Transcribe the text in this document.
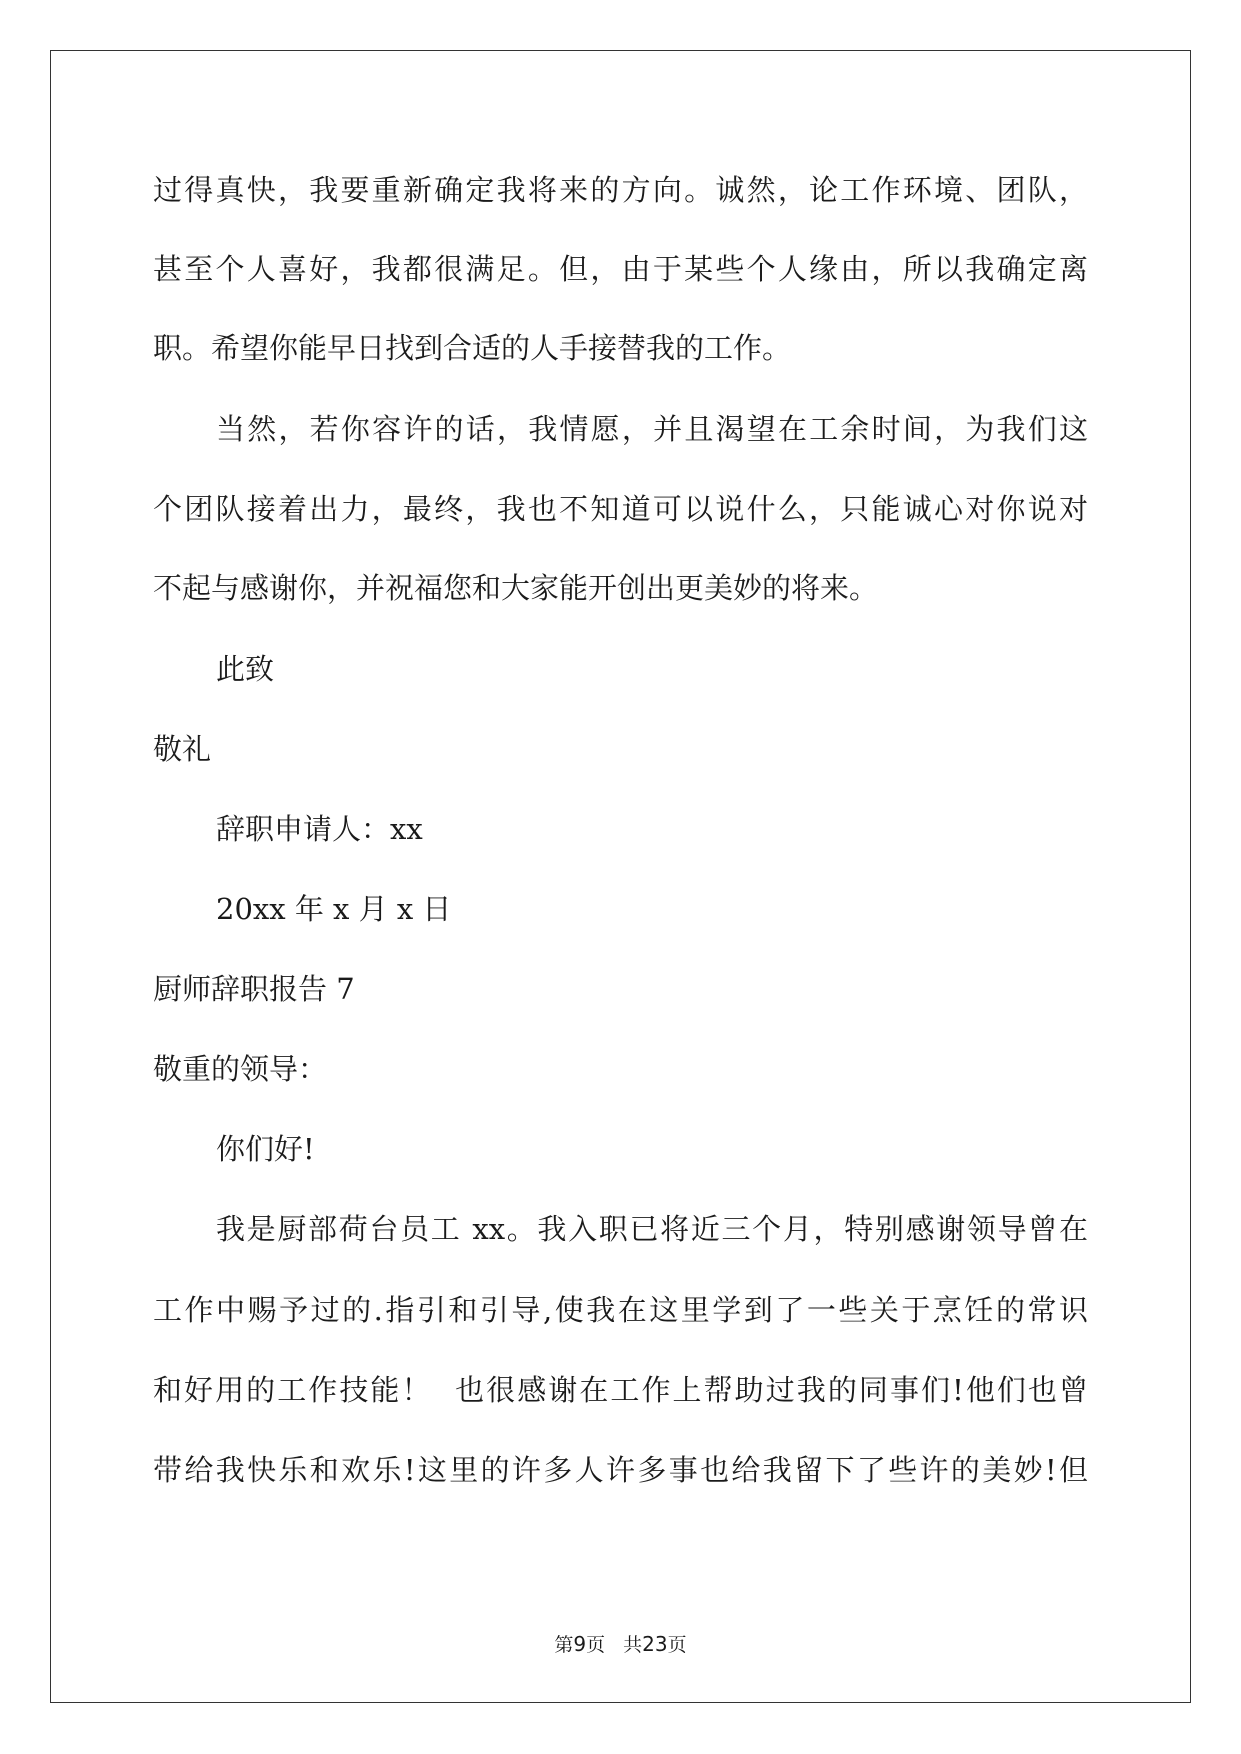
过得真快，我要重新确定我将来的方向。诚然，论工作环境、团队，
甚至个人喜好，我都很满足。但，由于某些个人缘由，所以我确定离
职。希望你能早日找到合适的人手接替我的工作。
当然，若你容许的话，我情愿，并且渴望在工余时间，为我们这
个团队接着出力，最终，我也不知道可以说什么，只能诚心对你说对
不起与感谢你，并祝福您和大家能开创出更美妙的将来。
此致
敬礼
辞职申请人：xx
20xx 年 x 月 x 日
厨师辞职报告 7
敬重的领导：
你们好!
我是厨部荷台员工 xx。我入职已将近三个月，特别感谢领导曾在
工作中赐予过的.指引和引导,使我在这里学到了一些关于烹饪的常识
和好用的工作技能！  也很感谢在工作上帮助过我的同事们!他们也曾
带给我快乐和欢乐!这里的许多人许多事也给我留下了些许的美妙!但
第9页 共23页
